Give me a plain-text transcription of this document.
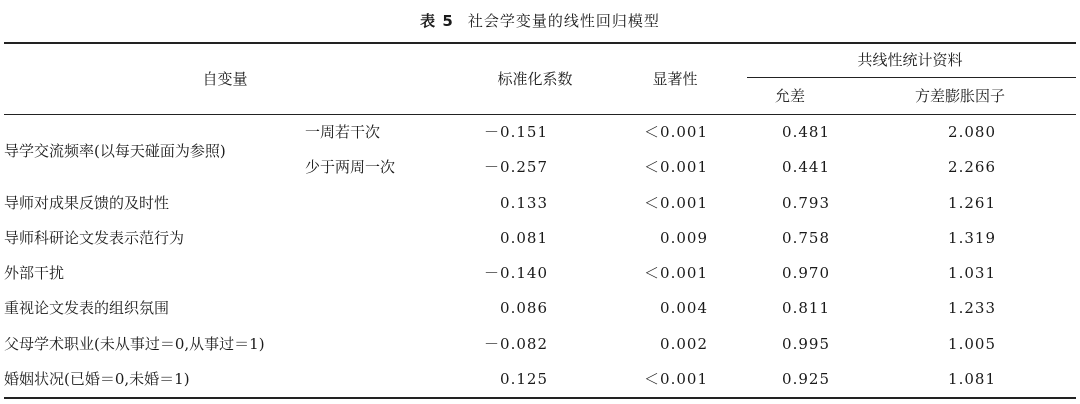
表 5 社会学变量的线性回归模型
自变量	标准化系数	显著性
共线性统计资料
允差	方差膨胀因子
导学交流频率(以每天碰面为参照)
一周若干次	－0.151	＜0.001	0.481	2.080
少于两周一次	－0.257	＜0.001	0.441	2.266
导师对成果反馈的及时性	0.133	＜0.001	0.793	1.261
导师科研论文发表示范行为	0.081	0.009	0.758	1.319
外部干扰	－0.140	＜0.001	0.970	1.031
重视论文发表的组织氛围	0.086	0.004	0.811	1.233
父母学术职业(未从事过＝0,从事过＝1)	－0.082	0.002	0.995	1.005
婚姻状况(已婚＝0,未婚＝1)	0.125	＜0.001	0.925	1.081
